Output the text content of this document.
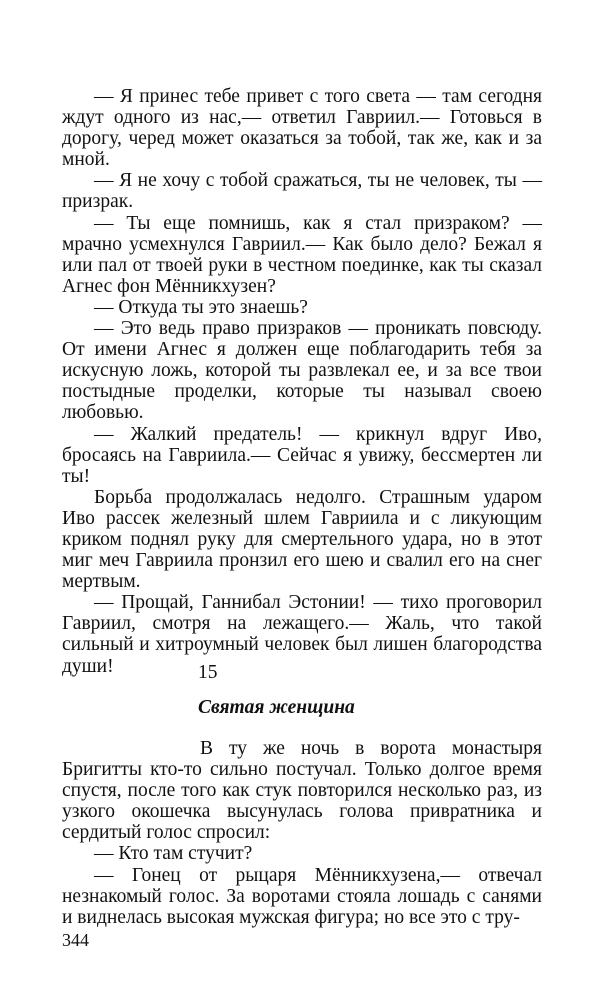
— Я принес тебе привет с того света — там сегодня ждут одного из нас,— ответил Гавриил.— Готовься в дорогу, черед может оказаться за тобой, так же, как и за мной.

— Я не хочу с тобой сражаться, ты не человек, ты — призрак.

— Ты еще помнишь, как я стал призраком? — мрачно усмехнулся Гавриил.— Как было дело? Бежал я или пал от твоей руки в честном поединке, как ты сказал Агнес фон Мённикхузен?

— Откуда ты это знаешь?

— Это ведь право призраков — проникать повсюду. От имени Агнес я должен еще поблагодарить тебя за искусную ложь, которой ты развлекал ее, и за все твои постыдные проделки, которые ты называл своею любовью.

— Жалкий предатель! — крикнул вдруг Иво, бросаясь на Гавриила.— Сейчас я увижу, бессмертен ли ты!

Борьба продолжалась недолго. Страшным ударом Иво рассек железный шлем Гавриила и с ликующим криком поднял руку для смертельного удара, но в этот миг меч Гавриила пронзил его шею и свалил его на снег мертвым.

— Прощай, Ганнибал Эстонии! — тихо проговорил Гавриил, смотря на лежащего.— Жаль, что такой сильный и хитроумный человек был лишен благородства души!	15
Святая женщина

В ту же ночь в ворота монастыря Бригитты кто-то сильно постучал. Только долгое время спустя, после того как стук повторился несколько раз, из узкого окошечка высунулась голова привратника и сердитый голос спросил:

— Кто там стучит?

— Гонец от рыцаря Мённикхузена,— отвечал незнакомый голос. За воротами стояла лошадь с санями и виднелась высокая мужская фигура; но все это с тру-

344
